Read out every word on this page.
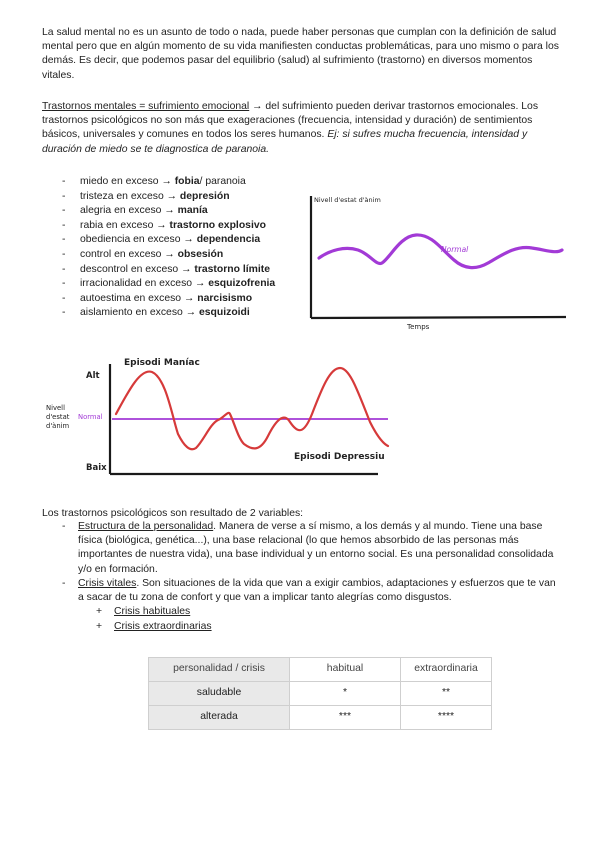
La salud mental no es un asunto de todo o nada, puede haber personas que cumplan con la definición de salud mental pero que en algún momento de su vida manifiesten conductas problemáticas, para uno mismo o para los demás. Es decir, que podemos pasar del equilibrio (salud) al sufrimiento (trastorno) en diversos momentos vitales.
Trastornos mentales = sufrimiento emocional → del sufrimiento pueden derivar trastornos emocionales. Los trastornos psicológicos no son más que exageraciones (frecuencia, intensidad y duración) de sentimientos básicos, universales y comunes en todos los seres humanos. Ej: si sufres mucha frecuencia, intensidad y duración de miedo se te diagnostica de paranoia.
- miedo en exceso → fobia/ paranoia
- tristeza en exceso → depresión
- alegria en exceso → manía
- rabia en exceso → trastorno explosivo
- obediencia en exceso → dependencia
- control en exceso → obsesión
- descontrol en exceso → trastorno límite
- irracionalidad en exceso → esquizofrenia
- autoestima en exceso → narcisismo
- aislamiento en exceso → esquizoidi
Nivell d'estat d'ànim
Normal
Temps
Alt
Nivell
d'estat
d'ànim
Normal
Baix
Episodi Maníac
Episodi Depressiu
Los trastornos psicológicos son resultado de 2 variables:
- Estructura de la personalidad. Manera de verse a sí mismo, a los demás y al mundo. Tiene una base física (biológica, genética...), una base relacional (lo que hemos absorbido de las personas más importantes de nuestra vida), una base individual y un entorno social. Es una personalidad consolidada y/o en formación.
- Crisis vitales. Son situaciones de la vida que van a exigir cambios, adaptaciones y esfuerzos que te van a sacar de tu zona de confort y que van a implicar tanto alegrías como disgustos.
+ Crisis habituales
+ Crisis extraordinarias
personalidad / crisis	habitual	extraordinaria
saludable	*	**
alterada	***	****
